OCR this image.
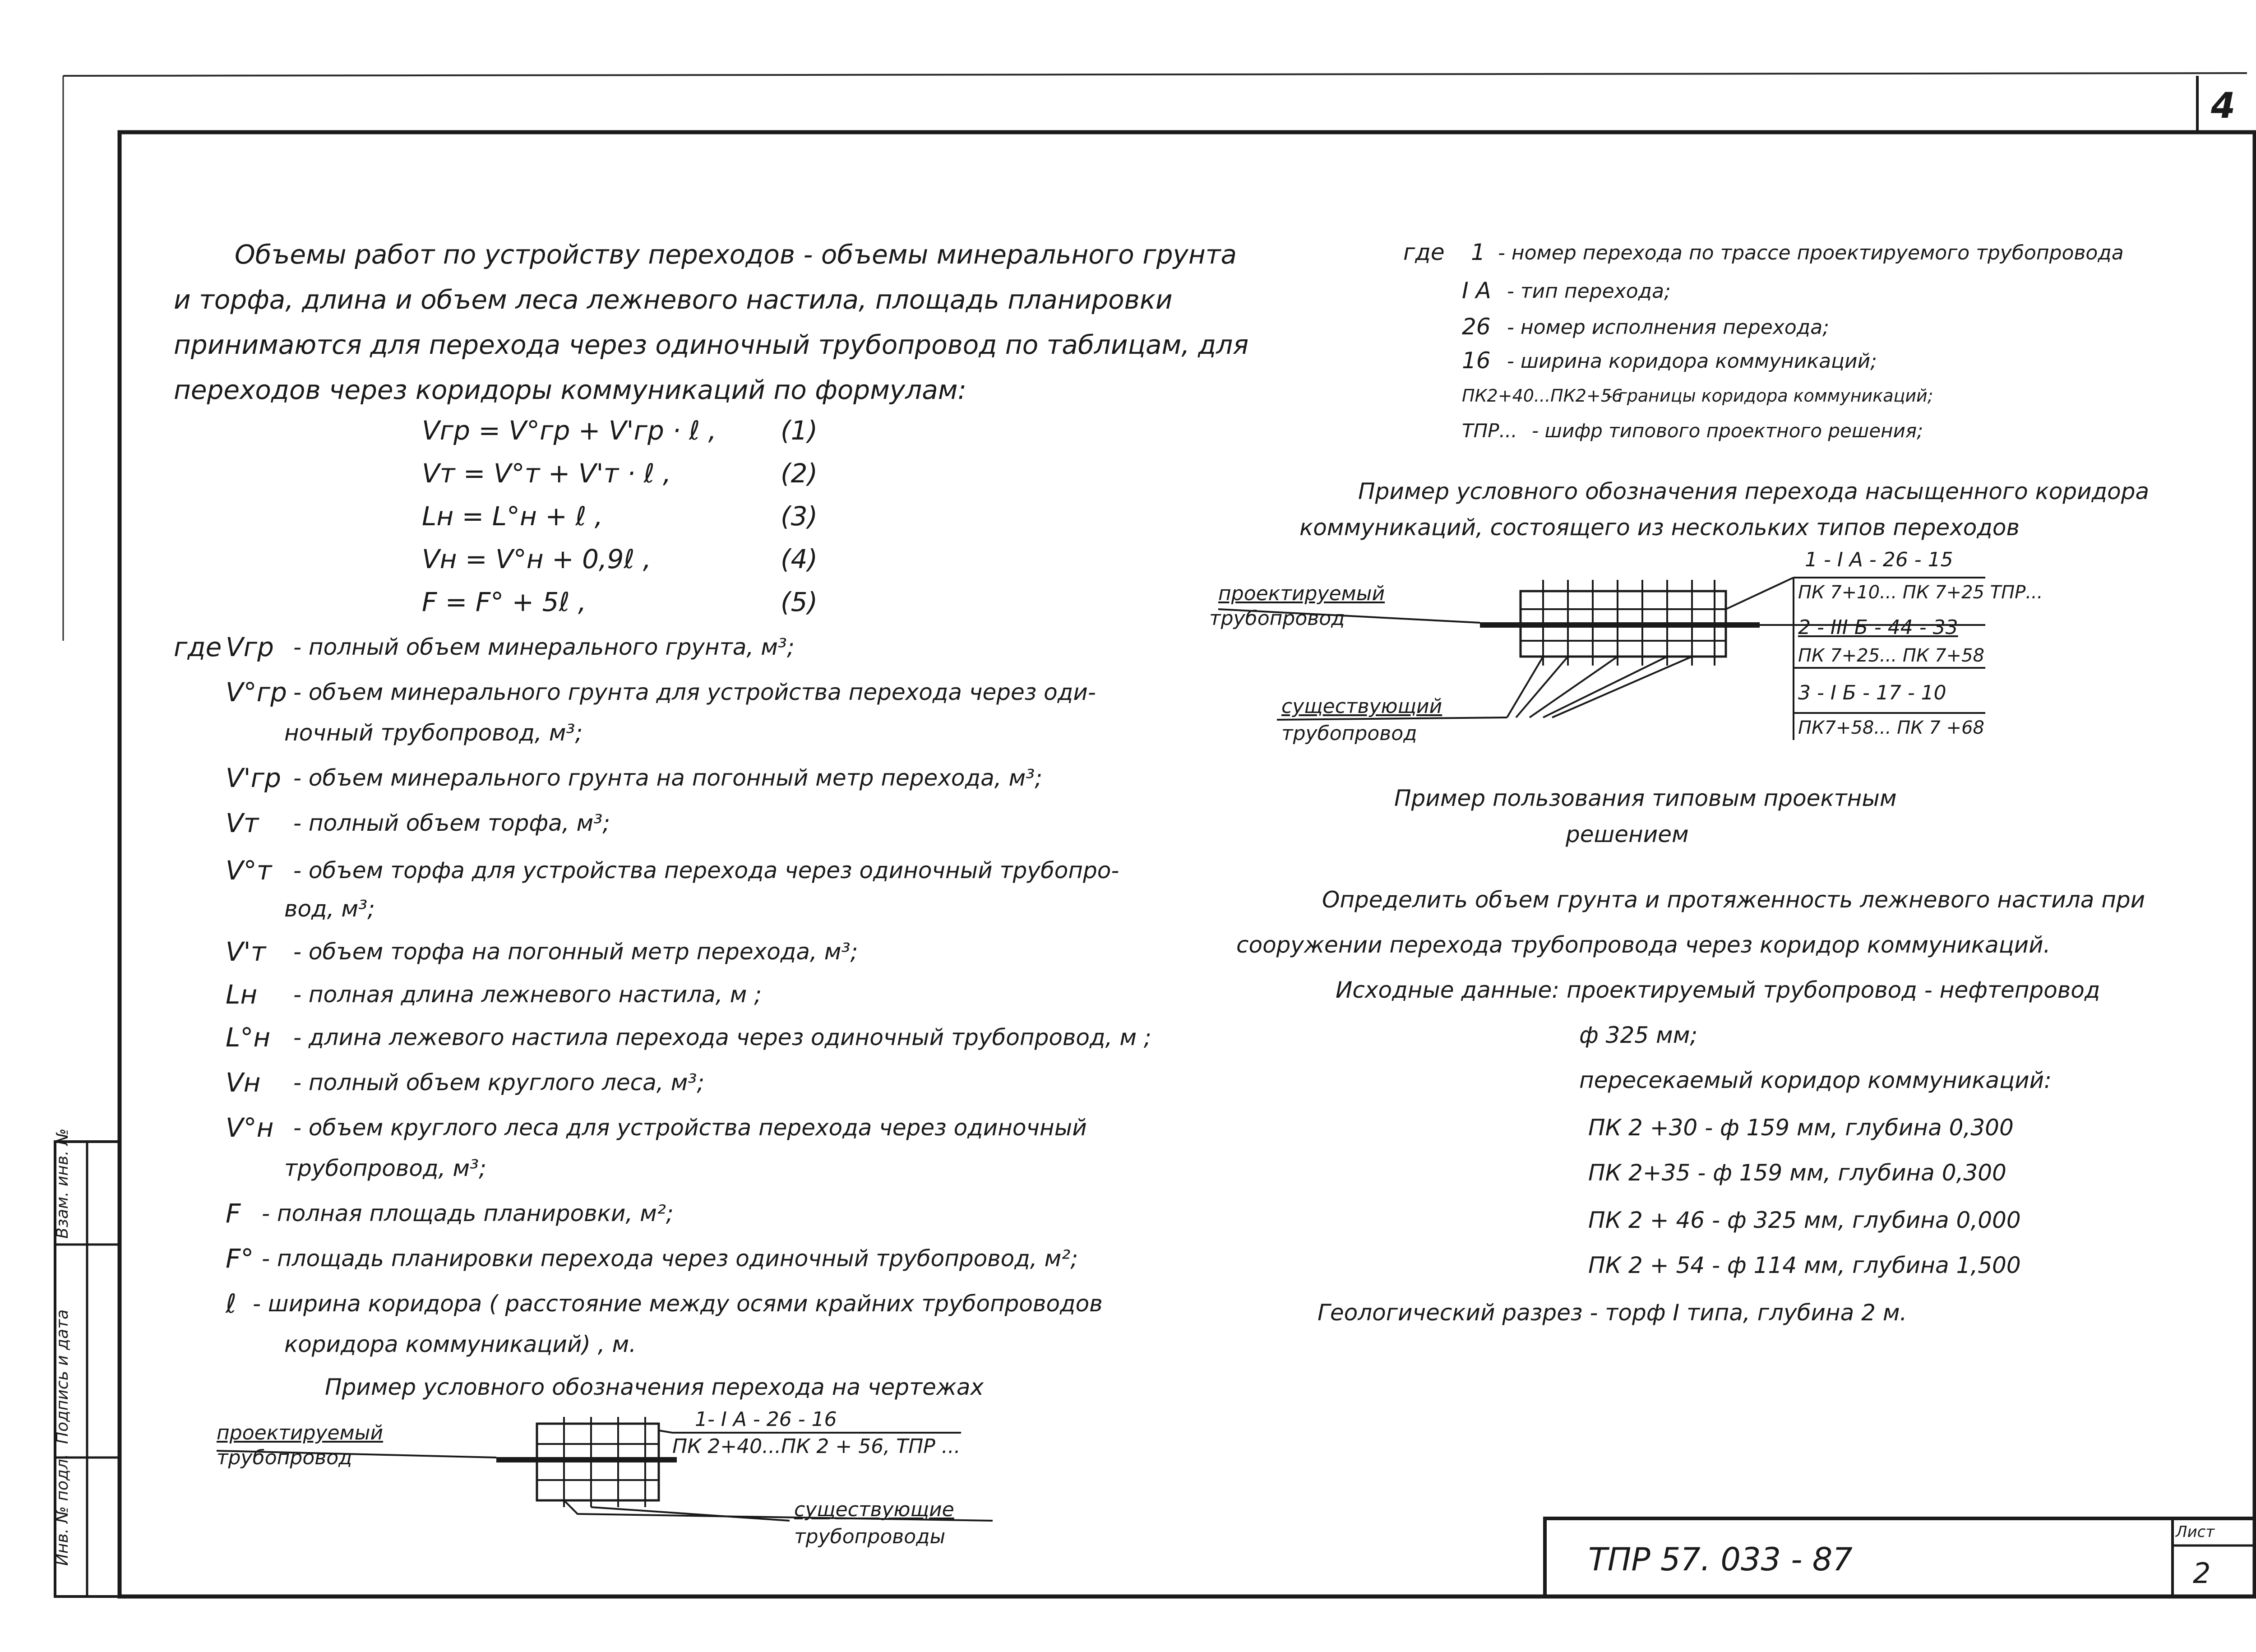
4
Инв. № подл.
Подпись и дата
Взам. инв. №
ТПР 57. 033 - 87
Лист
2
Объемы работ по устройству переходов - объемы минерального грунта
и торфа, длина и объем леса лежневого настила, площадь планировки
принимаются для перехода через одиночный трубопровод по таблицам, для
переходов через коридоры коммуникаций по формулам:
Vгр = V°гр + V'гр · ℓ , (1)
Vт = V°т + V'т · ℓ ,	(2)
Lн = L°н + ℓ ,	(3)
Vн = V°н + 0,9ℓ ,	(4)
F = F° + 5ℓ ,	(5)
где Vгр - полный объем минерального грунта, м³;
V°гр - объем минерального грунта для устройства перехода через оди-
ночный трубопровод, м³;
V'гр - объем минерального грунта на погонный метр перехода, м³;
Vт - полный объем торфа, м³;
V°т - объем торфа для устройства перехода через одиночный трубопро-
вод, м³;
V'т - объем торфа на погонный метр перехода, м³;
Lн - полная длина лежневого настила, м ;
L°н - длина лежевого настила перехода через одиночный трубопровод, м ;
Vн - полный объем круглого леса, м³;
V°н - объем круглого леса для устройства перехода через одиночный
трубопровод, м³;
F - полная площадь планировки, м²;
F° - площадь планировки перехода через одиночный трубопровод, м²;
ℓ - ширина коридора ( расстояние между осями крайних трубопроводов
коридора коммуникаций) , м.
Пример условного обозначения перехода на чертежах
проектируемый
трубопровод
1- I А - 26 - 16
ПК 2+40...ПК 2 + 56, ТПР ...
существующие
трубопроводы
где 1 - номер перехода по трассе проектируемого трубопровода
I А - тип перехода;
26 - номер исполнения перехода;
16 - ширина коридора коммуникаций;
ПК2+40...ПК2+56
- границы коридора коммуникаций;
ТПР... - шифр типового проектного решения;
Пример условного обозначения перехода насыщенного коридора
коммуникаций, состоящего из нескольких типов переходов
проектируемый
трубопровод
существующий
трубопровод
1 - I А - 26 - 15
ПК 7+10... ПК 7+25 ТПР...
2 - III Б - 44 - 33
ПК 7+25... ПК 7+58
3 - I Б - 17 - 10
ПК7+58... ПК 7 +68
Пример пользования типовым проектным
решением
Определить объем грунта и протяженность лежневого настила при
сооружении перехода трубопровода через коридор коммуникаций.
Исходные данные: проектируемый трубопровод - нефтепровод
ф 325 мм;
пересекаемый коридор коммуникаций:
ПК 2 +30 - ф 159 мм, глубина 0,300
ПК 2+35 - ф 159 мм, глубина 0,300
ПК 2 + 46 - ф 325 мм, глубина 0,000
ПК 2 + 54 - ф 114 мм, глубина 1,500
Геологический разрез - торф I типа, глубина 2 м.
